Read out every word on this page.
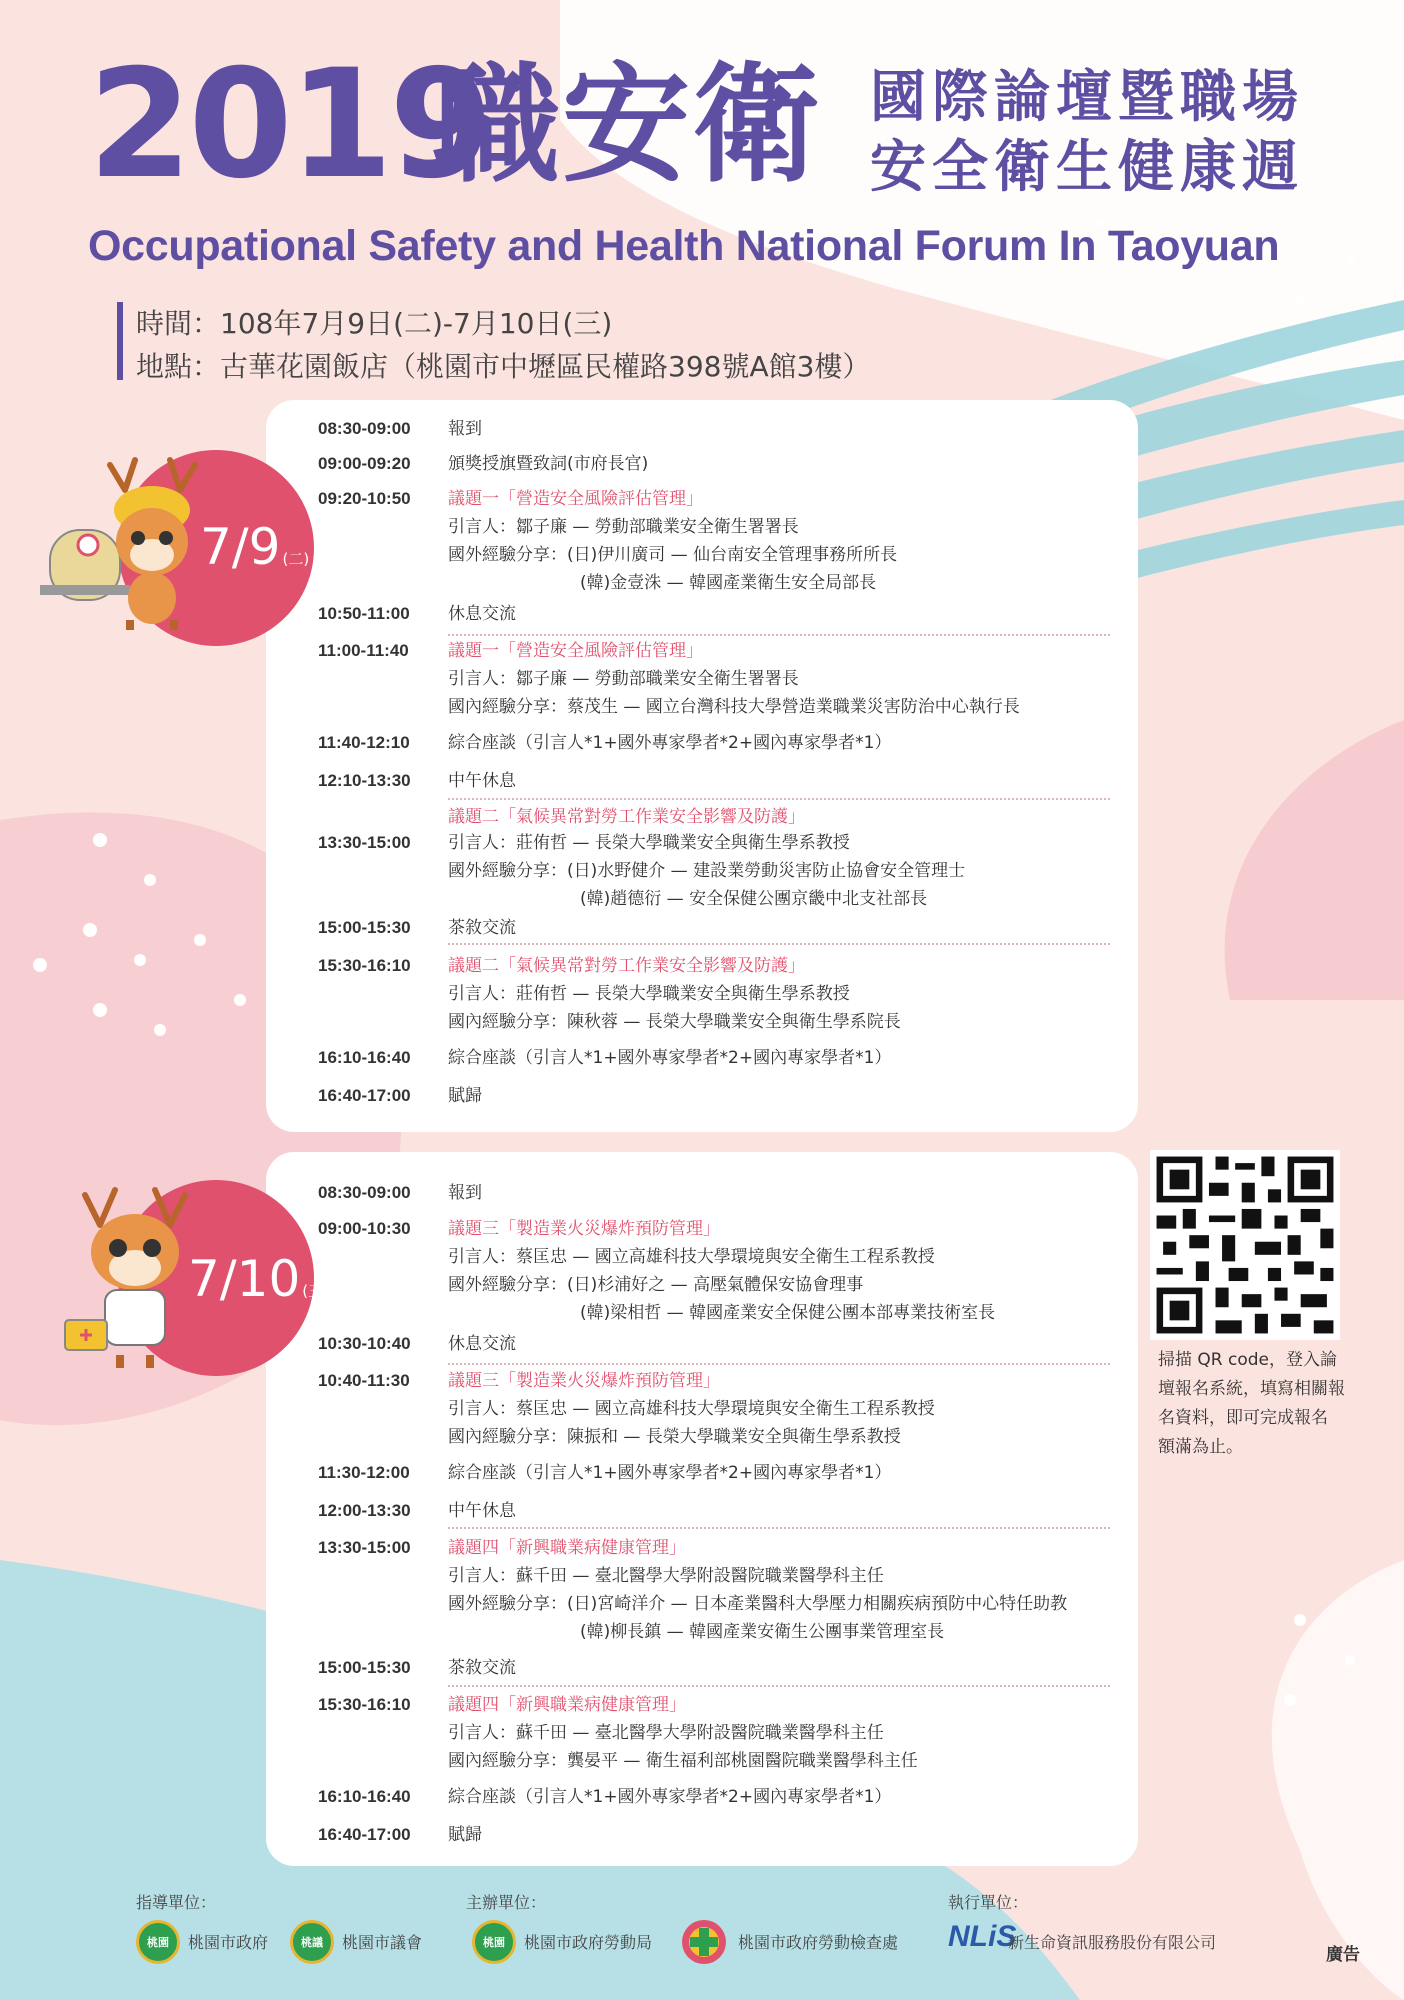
2019
職安衛 國際論壇暨職場
安全衛生健康週
Occupational Safety and Health National Forum In Taoyuan
時間：108年7月9日(二)-7月10日(三)
地點：古華花園飯店（桃園市中壢區民權路398號A館3樓）
7/9 (二)
7/10 (三)
08:30-09:00 報到
09:00-09:20 頒獎授旗暨致詞(市府長官)
09:20-10:50 議題一「營造安全風險評估管理」
引言人：鄒子廉 — 勞動部職業安全衛生署署長
國外經驗分享：(日)伊川廣司 — 仙台南安全管理事務所所長
(韓)金壹洙 — 韓國產業衛生安全局部長
10:50-11:00 休息交流
11:00-11:40 議題一「營造安全風險評估管理」
引言人：鄒子廉 — 勞動部職業安全衛生署署長
國內經驗分享：蔡茂生 — 國立台灣科技大學營造業職業災害防治中心執行長
11:40-12:10 綜合座談（引言人*1+國外專家學者*2+國內專家學者*1）
12:10-13:30 中午休息
議題二「氣候異常對勞工作業安全影響及防護」
13:30-15:00 引言人：莊侑哲 — 長榮大學職業安全與衛生學系教授
國外經驗分享：(日)水野健介 — 建設業勞動災害防止協會安全管理士
(韓)趙德衍 — 安全保健公團京畿中北支社部長
15:00-15:30 茶敘交流
15:30-16:10 議題二「氣候異常對勞工作業安全影響及防護」
引言人：莊侑哲 — 長榮大學職業安全與衛生學系教授
國內經驗分享：陳秋蓉 — 長榮大學職業安全與衛生學系院長
16:10-16:40 綜合座談（引言人*1+國外專家學者*2+國內專家學者*1）
16:40-17:00 賦歸
08:30-09:00 報到
09:00-10:30 議題三「製造業火災爆炸預防管理」
引言人：蔡匡忠 — 國立高雄科技大學環境與安全衛生工程系教授
國外經驗分享：(日)杉浦好之 — 高壓氣體保安協會理事
(韓)梁相哲 — 韓國產業安全保健公團本部專業技術室長
10:30-10:40 休息交流
10:40-11:30 議題三「製造業火災爆炸預防管理」
引言人：蔡匡忠 — 國立高雄科技大學環境與安全衛生工程系教授
國內經驗分享：陳振和 — 長榮大學職業安全與衛生學系教授
11:30-12:00 綜合座談（引言人*1+國外專家學者*2+國內專家學者*1）
12:00-13:30 中午休息
13:30-15:00 議題四「新興職業病健康管理」
引言人：蘇千田 — 臺北醫學大學附設醫院職業醫學科主任
國外經驗分享：(日)宮崎洋介 — 日本產業醫科大學壓力相關疾病預防中心特任助教
(韓)柳長鎮 — 韓國產業安衛生公團事業管理室長
15:00-15:30 茶敘交流
15:30-16:10 議題四「新興職業病健康管理」
引言人：蘇千田 — 臺北醫學大學附設醫院職業醫學科主任
國內經驗分享：龔晏平 — 衛生福利部桃園醫院職業醫學科主任
16:10-16:40 綜合座談（引言人*1+國外專家學者*2+國內專家學者*1）
16:40-17:00 賦歸
掃描 QR code，登入論壇報名系統，填寫相關報名資料，即可完成報名 額滿為止。
指導單位：	主辦單位：	執行單位：
桃園	桃園市政府	桃議	桃園市議會	桃園	桃園市政府勞動局	桃園市政府勞動檢查處 NLiS
新生命資訊服務股份有限公司
廣告
